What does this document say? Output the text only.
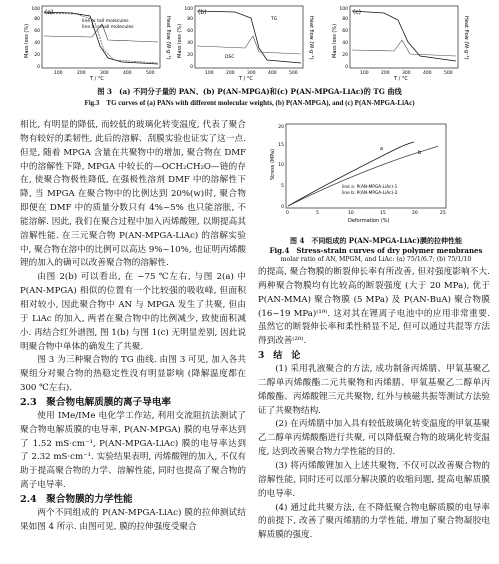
line a: tall molecules
line b: small molecules
(a)
T / °C
100	200	300	400	500
0
20
40
60
80
100
Mass loss (%)	Heat flow (W·g⁻¹)
(b)
TG
DSC
T / °C
100	200	300	400	500
0
20
40
60
80
100
Mass loss (%)	Heat flow (W·g⁻¹)
(c)
T / °C
100	200	300	400	500
0
20
40
60
80
100
Mass loss (%)	Heat flow (W·g⁻¹)
图 3　(a) 不同分子量的 PAN、(b) P(AN-MPGA)和(c) P(AN-MPGA-LiAc)的 TG 曲线
Fig.3　TG curves of (a) PANs with different molecular weights, (b) P(AN-MPGA), and (c) P(AN-MPGA-LiAc)

相比, 有明显的降低, 而较低的玻璃化转变温度, 代表了聚合物有较好的柔韧性, 此后的溶解、刮膜实验也证实了这一点. 但是, 随着 MPGA 含量在共聚物中的增加, 聚合物在 DMF 中的溶解性下降, MPGA 中较长的—OCH₂CH₂O—链的存在, 使聚合物极性降低, 在强极性溶剂 DMF 中的溶解性下降, 当 MPGA 在聚合物中的比例达到 20%(w)时, 聚合物即便在 DMF 中的质量分数只有 4%~5% 也只能溶胀, 不能溶解. 因此, 我们在聚合过程中加入丙烯酸锂, 以期提高其溶解性能. 在三元聚合物 P(AN-MPGA-LiAc) 的溶解实验中, 聚合物在溶中的比例可以高达 9%~10%, 也证明丙烯酸锂的加入的确可以改善聚合物的溶解性.

由图 2(b) 可以看出, 在 −75 ℃左右, 与图 2(a) 中 P(AN-MPGA) 相似的位置有一个比较强的吸收峰, 但面积相对较小, 因此聚合物中 AN 与 MPGA 发生了共聚, 但由于 LiAc 的加入, 两者在聚合物中的比例减少, 致使面积减小. 再结合红外谱图, 图 1(b) 与图 1(c) 无明显差别, 因此说明聚合物中单体的确发生了共聚.

图 3 为三种聚合物的 TG 曲线. 由图 3 可见, 加入各共聚组分对聚合物的热稳定性没有明显影响 (降解温度都在 300 ℃左右).

2.3　聚合物电解质膜的离子导电率

使用 IMe/IMe 电化学工作站, 利用交流阻抗法测试了聚合物电解质膜的电导率, P(AN-MPGA) 膜的电导率达到了 1.52 mS·cm⁻¹, P(AN-MPGA-LiAc) 膜的电导率达到了 2.32 mS·cm⁻¹. 实验结果表明, 丙烯酸锂的加入, 不仅有助于提高聚合物的力学、溶解性能, 同时也提高了聚合物的离子电导率.

2.4　聚合物膜的力学性能

两个不同组成的 P(AN-MPGA-LiAc) 膜的拉伸测试结果如图 4 所示. 由图可见, 膜的拉伸强度受聚合

a
b
line a: P(AN-MPGA-LiAc)-1
line b: P(AN-MPGA-LiAc)-2
0	5	10	15	20	25
0
5
10
15
20
Deformation (%)
Stress (MPa)
图 4　不同组成的 P(AN-MPGA-LiAc)膜的拉伸性能
Fig.4　Stress-strain curves of dry polymer membranes
molar ratio of AN, MPGM, and LiAc: (a) 75/1/6.7; (b) 75/1/10

的提高, 聚合物膜的断裂伸长率有所改善, 但对强度影响不大. 两种聚合物膜均有比较高的断裂强度 (大于 20 MPa), 优于 P(AN-MMA) 聚合物膜 (5 MPa) 及 P(AN-BuA) 聚合物膜 (16~19 MPa)⁽¹⁹⁾. 这对其在锂离子电池中的应用非常重要. 虽然它的断裂伸长率和柔性稍显不足, 但可以通过共混等方法得到改善⁽²⁰⁾.

3　结　论

(1) 采用乳液聚合的方法, 成功制备丙烯腈、甲氧基聚乙二醇单丙烯酸酯二元共聚物和丙烯腈、甲氧基聚乙二醇单丙烯酸酯、丙烯酸锂三元共聚物, 红外与核磁共振等测试方法验证了共聚物结构.

(2) 在丙烯腈中加入具有较低玻璃化转变温度的甲氧基聚乙二醇单丙烯酸酯进行共聚, 可以降低聚合物的玻璃化转变温度, 达到改善聚合物力学性能的目的.

(3) 将丙烯酸锂加入上述共聚物, 不仅可以改善聚合物的溶解性能, 同时还可以部分解决膜的收缩问题, 提高电解质膜的电导率.

(4) 通过此共聚方法, 在不降低聚合物电解质膜的电导率的前提下, 改善了聚丙烯腈的力学性能, 增加了聚合物凝胶电解质膜的强度.
